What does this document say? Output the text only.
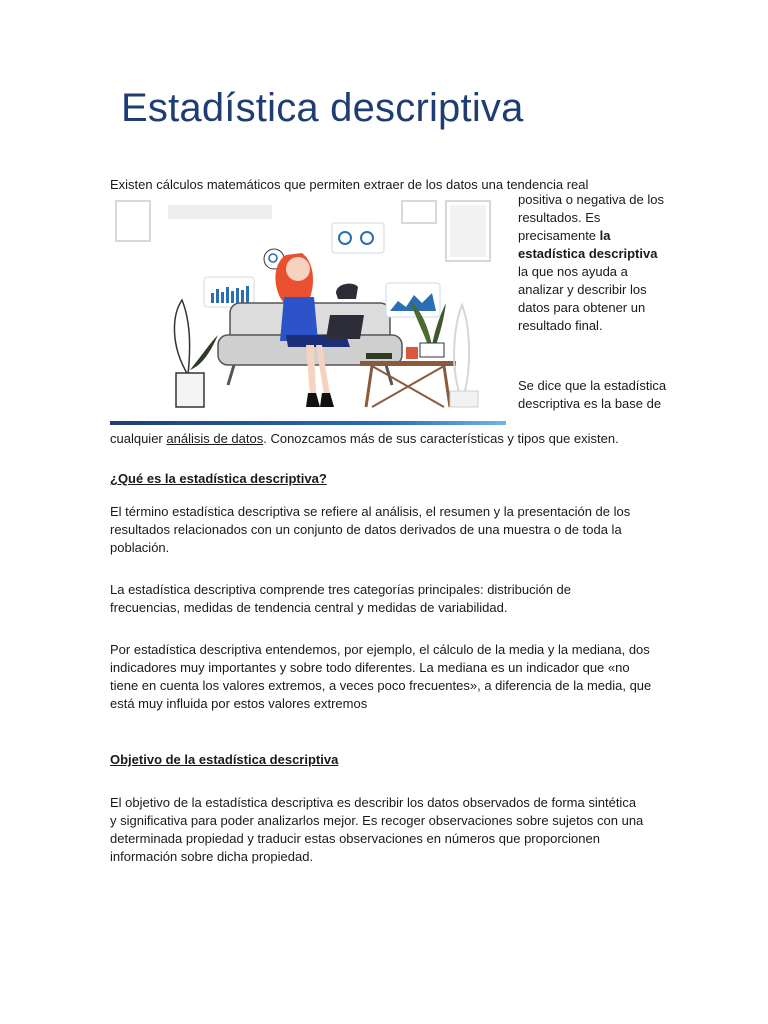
Estadística descriptiva

Existen cálculos matemáticos que permiten extraer de los datos una tendencia real

positiva o negativa de los resultados. Es precisamente la estadística descriptiva la que nos ayuda a analizar y describir los datos para obtener un resultado final.
Se dice que la estadística descriptiva es la base de

cualquier análisis de datos. Conozcamos más de sus características y tipos que existen.

¿Qué es la estadística descriptiva?

El término estadística descriptiva se refiere al análisis, el resumen y la presentación de los resultados relacionados con un conjunto de datos derivados de una muestra o de toda la población.

La estadística descriptiva comprende tres categorías principales: distribución de frecuencias, medidas de tendencia central y medidas de variabilidad.

Por estadística descriptiva entendemos, por ejemplo, el cálculo de la media y la mediana, dos indicadores muy importantes y sobre todo diferentes. La mediana es un indicador que «no tiene en cuenta los valores extremos, a veces poco frecuentes», a diferencia de la media, que está muy influida por estos valores extremos

Objetivo de la estadística descriptiva

El objetivo de la estadística descriptiva es describir los datos observados de forma sintética y significativa para poder analizarlos mejor. Es recoger observaciones sobre sujetos con una determinada propiedad y traducir estas observaciones en números que proporcionen información sobre dicha propiedad.
